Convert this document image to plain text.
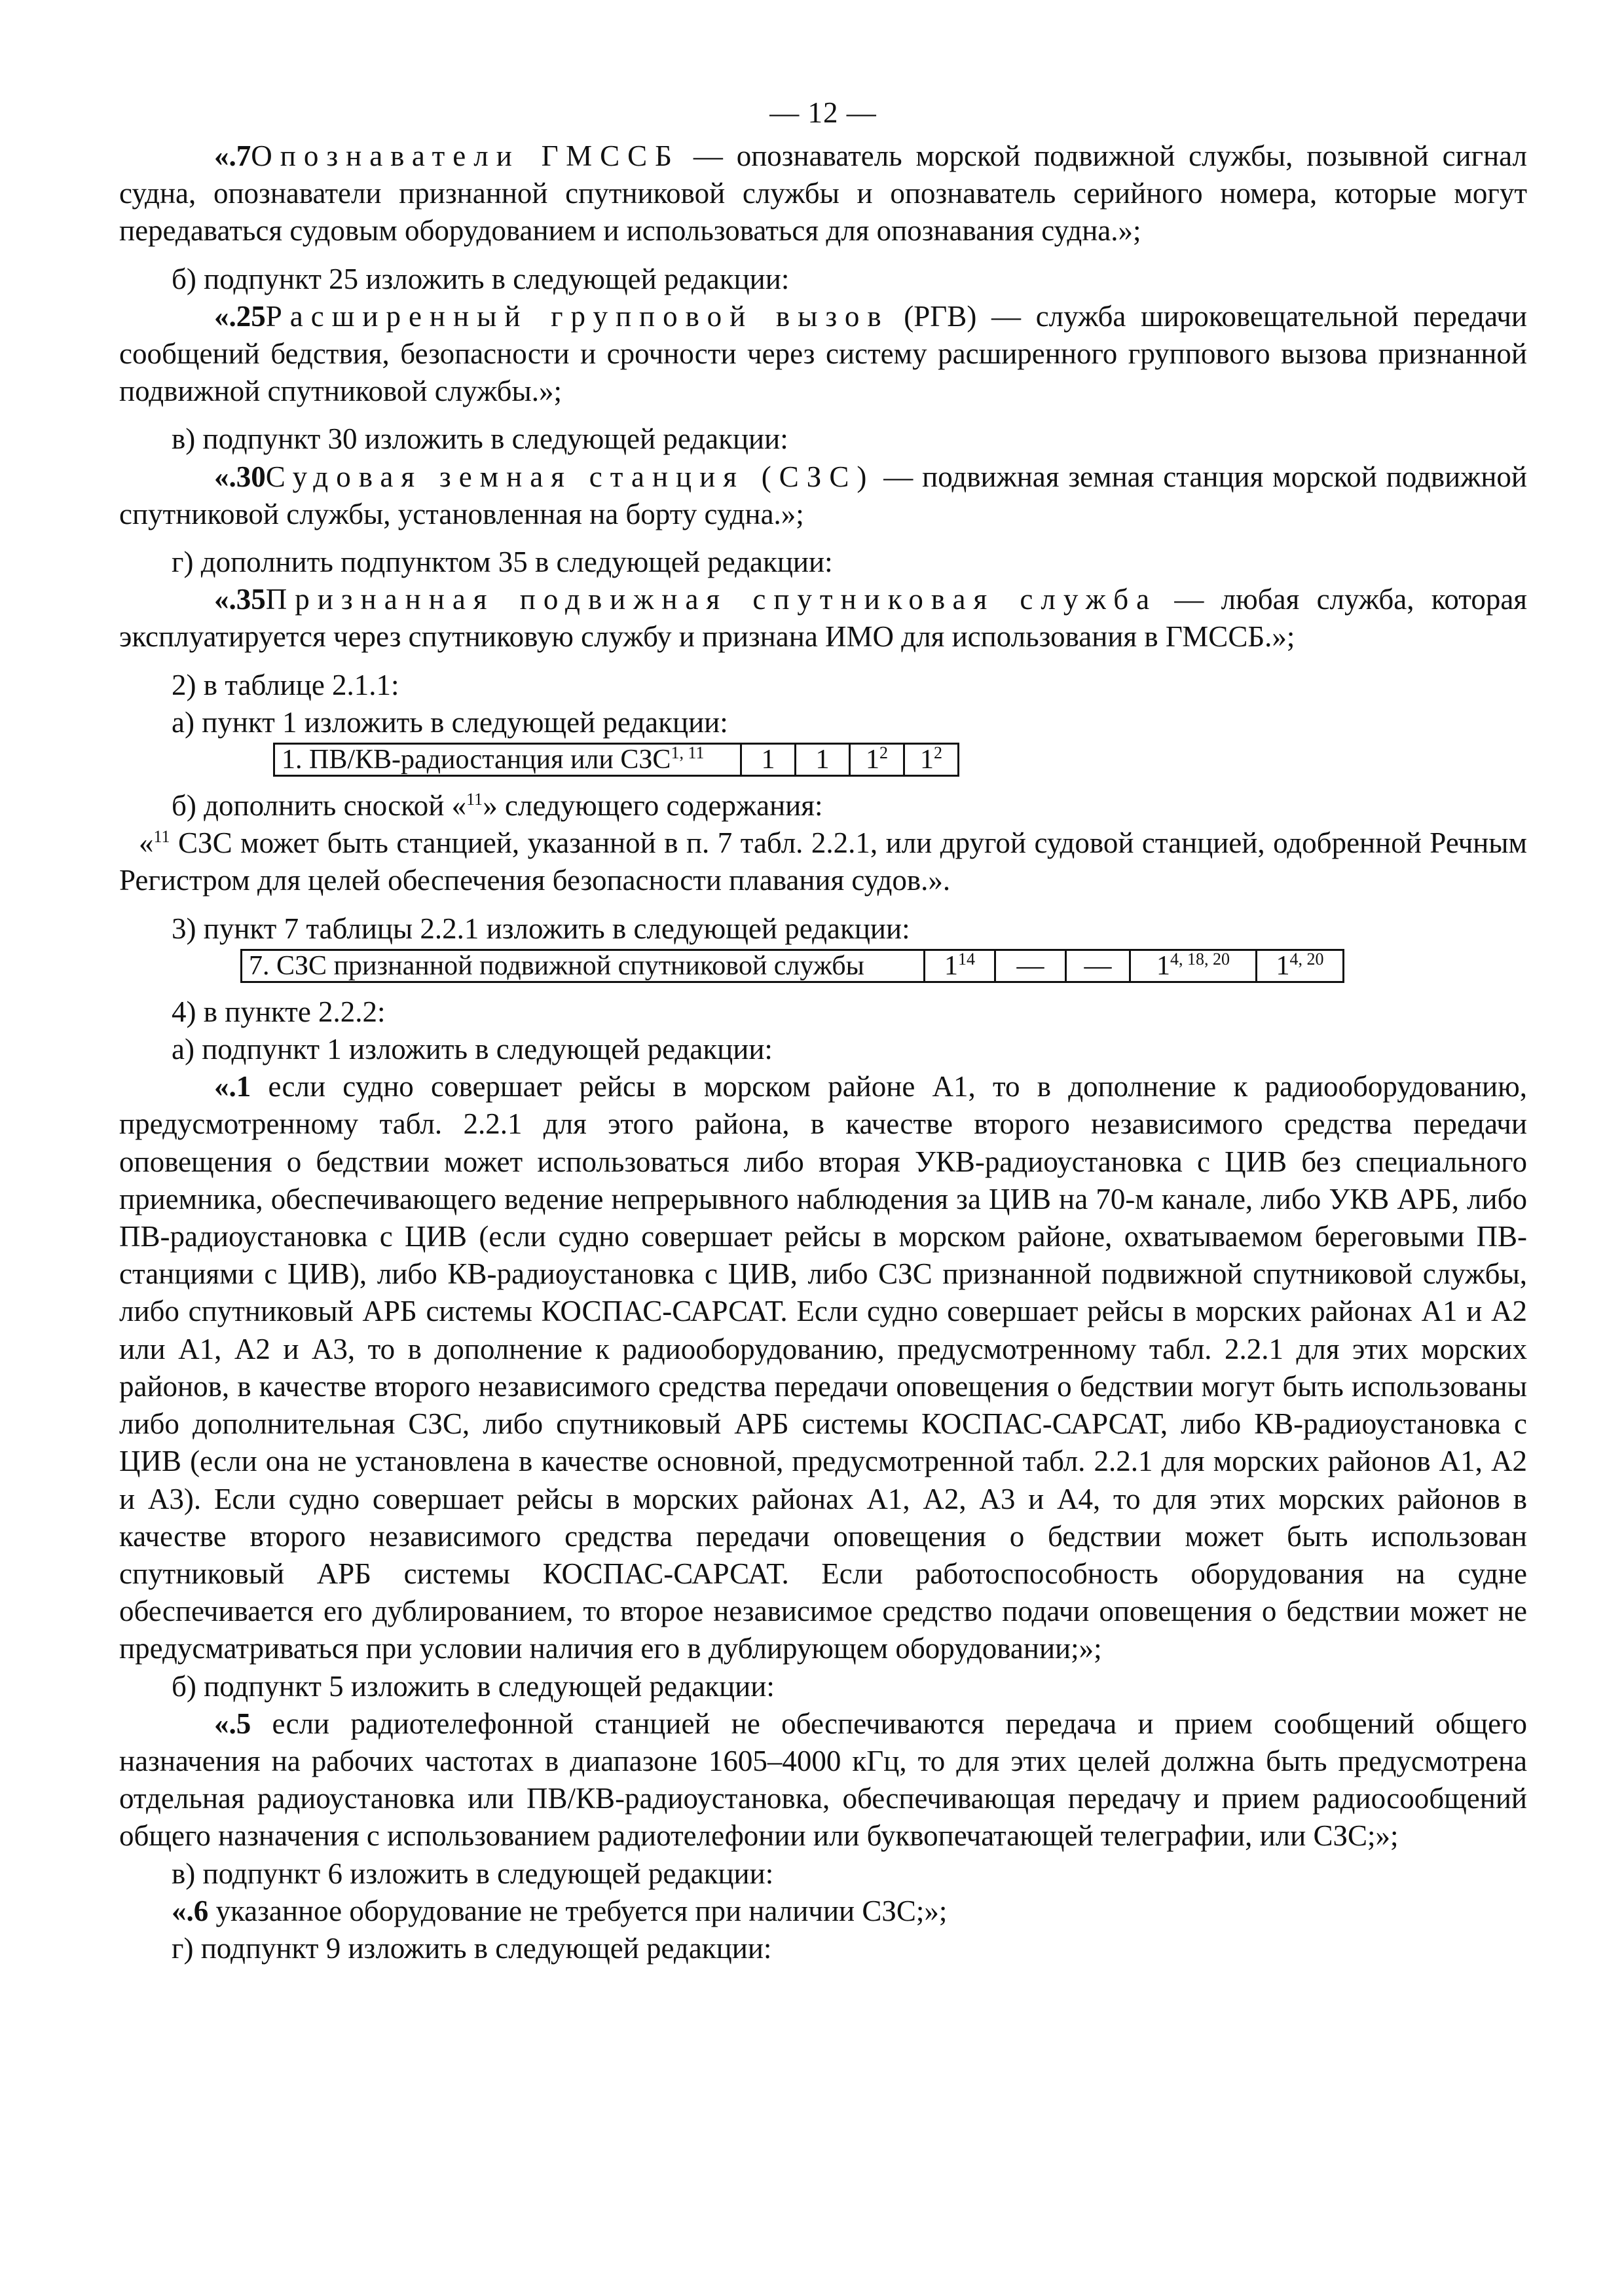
— 12 —

«.7Опознаватели ГМССБ — опознаватель морской подвижной службы, позывной сигнал судна, опознаватели признанной спутниковой службы и опознаватель серийного номера, которые могут передаваться судовым оборудованием и использоваться для опознавания судна.»;

б) подпункт 25 изложить в следующей редакции:

«.25Расширенный групповой вызов (РГВ) — служба широковещательной передачи сообщений бедствия, безопасности и срочности через систему расширенного группового вызова признанной подвижной спутниковой службы.»;

в) подпункт 30 изложить в следующей редакции:

«.30Судовая земная станция (СЗС) — подвижная земная станция морской подвижной спутниковой службы, установленная на борту судна.»;

г) дополнить подпунктом 35 в следующей редакции:

«.35Признанная подвижная спутниковая служба — любая служба, которая эксплуатируется через спутниковую службу и признана ИМО для использования в ГМССБ.»;

2) в таблице 2.1.1:

а) пункт 1 изложить в следующей редакции:

1. ПВ/КВ-радиостанция или СЗС$^{1, 11}$	1	1	$1^2$	$1^2$

б) дополнить сноской «$^{11}$» следующего содержания:

«$^{11}$ СЗС может быть станцией, указанной в п. 7 табл. 2.2.1, или другой судовой станцией, одобренной Речным Регистром для целей обеспечения безопасности плавания судов.».

3) пункт 7 таблицы 2.2.1 изложить в следующей редакции:

7. СЗС признанной подвижной спутниковой службы	$1^{14}$	—	—	1$^{4, 18, 20}$	1$^{4, 20}$

4) в пункте 2.2.2:

а) подпункт 1 изложить в следующей редакции:

«.1 если судно совершает рейсы в морском районе А1, то в дополнение к радиооборудованию, предусмотренному табл. 2.2.1 для этого района, в качестве второго независимого средства передачи оповещения о бедствии может использоваться либо вторая УКВ-радиоустановка с ЦИВ без специального приемника, обеспечивающего ведение непрерывного наблюдения за ЦИВ на 70-м канале, либо УКВ АРБ, либо ПВ-радиоустановка с ЦИВ (если судно совершает рейсы в морском районе, охватываемом береговыми ПВ-станциями с ЦИВ), либо КВ-радиоустановка с ЦИВ, либо СЗС признанной подвижной спутниковой службы, либо спутниковый АРБ системы КОСПАС-САРСАТ. Если судно совершает рейсы в морских районах А1 и А2 или А1, А2 и А3, то в дополнение к радиооборудованию, предусмотренному табл. 2.2.1 для этих морских районов, в качестве второго независимого средства передачи оповещения о бедствии могут быть использованы либо дополнительная СЗС, либо спутниковый АРБ системы КОСПАС-САРСАТ, либо КВ-радиоустановка с ЦИВ (если она не установлена в качестве основной, предусмотренной табл. 2.2.1 для морских районов А1, А2 и А3). Если судно совершает рейсы в морских районах А1, А2, А3 и А4, то для этих морских районов в качестве второго независимого средства передачи оповещения о бедствии может быть использован спутниковый АРБ системы КОСПАС-САРСАТ. Если работоспособность оборудования на судне обеспечивается его дублированием, то второе независимое средство подачи оповещения о бедствии может не предусматриваться при условии наличия его в дублирующем оборудовании;»;

б) подпункт 5 изложить в следующей редакции:

«.5 если радиотелефонной станцией не обеспечиваются передача и прием сообщений общего назначения на рабочих частотах в диапазоне 1605–4000 кГц, то для этих целей должна быть предусмотрена отдельная радиоустановка или ПВ/КВ-радиоустановка, обеспечивающая передачу и прием радиосообщений общего назначения с использованием радиотелефонии или буквопечатающей телеграфии, или СЗС;»;

в) подпункт 6 изложить в следующей редакции:

«.6 указанное оборудование не требуется при наличии СЗС;»;

г) подпункт 9 изложить в следующей редакции:
